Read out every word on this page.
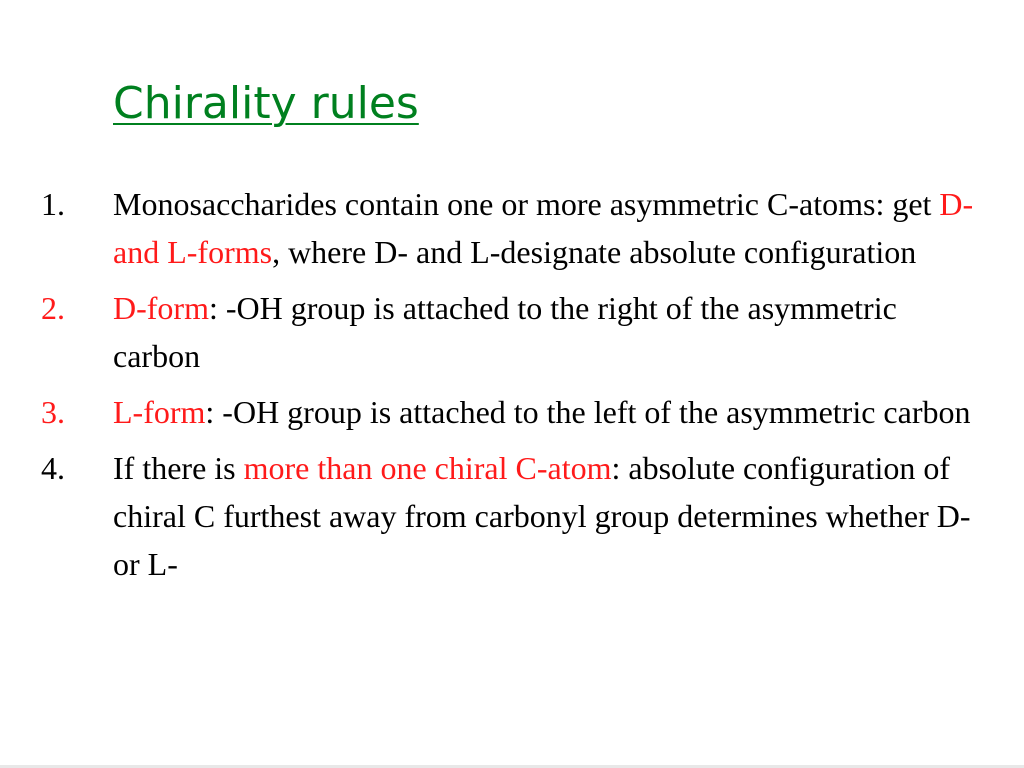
Chirality rules
1. Monosaccharides contain one or more asymmetric C-atoms: get D- and L-forms, where D- and L-designate absolute configuration
2. D-form: -OH group is attached to the right of the asymmetric carbon
3. L-form: -OH group is attached to the left of the asymmetric carbon
4. If there is more than one chiral C-atom: absolute configuration of chiral C furthest away from carbonyl group determines whether D- or L-
